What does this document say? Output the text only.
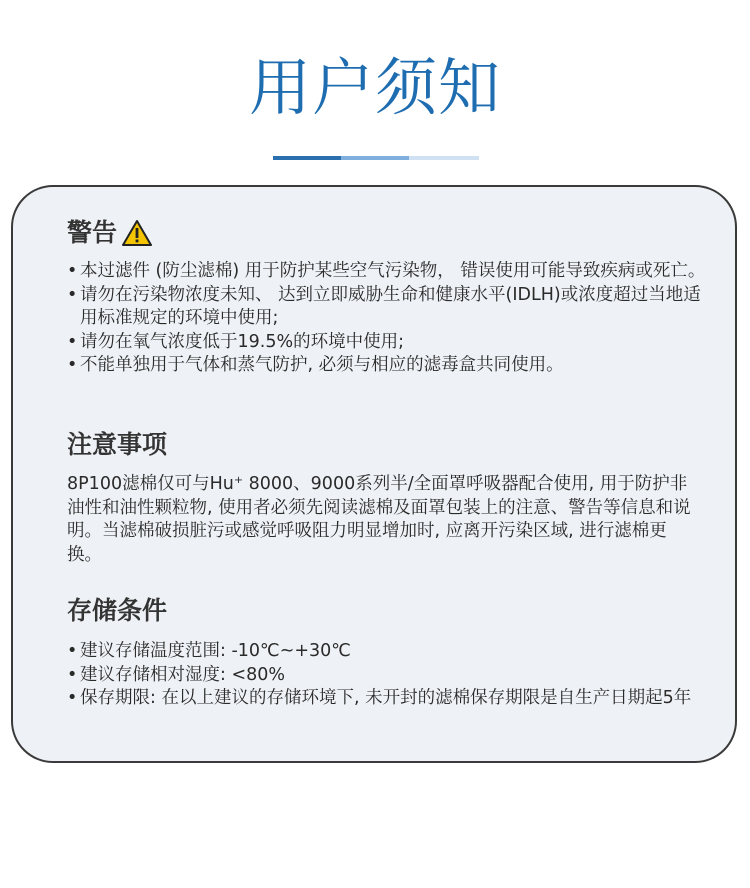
用户须知
警告
• 本过滤件 (防尘滤棉) 用于防护某些空气污染物， 错误使用可能导致疾病或死亡。
• 请勿在污染物浓度未知、 达到立即威胁生命和健康水平(IDLH)或浓度超过当地适用标准规定的环境中使用;
• 请勿在氧气浓度低于19.5%的环境中使用;
• 不能单独用于气体和蒸气防护, 必须与相应的滤毒盒共同使用。
注意事项

8P100滤棉仅可与Hu⁺ 8000、9000系列半/全面罩呼吸器配合使用, 用于防护非油性和油性颗粒物, 使用者必须先阅读滤棉及面罩包装上的注意、警告等信息和说明。当滤棉破损脏污或感觉呼吸阻力明显增加时, 应离开污染区域, 进行滤棉更换。

存储条件
• 建议存储温度范围: -10℃~+30℃
• 建议存储相对湿度: <80%
• 保存期限: 在以上建议的存储环境下, 未开封的滤棉保存期限是自生产日期起5年
